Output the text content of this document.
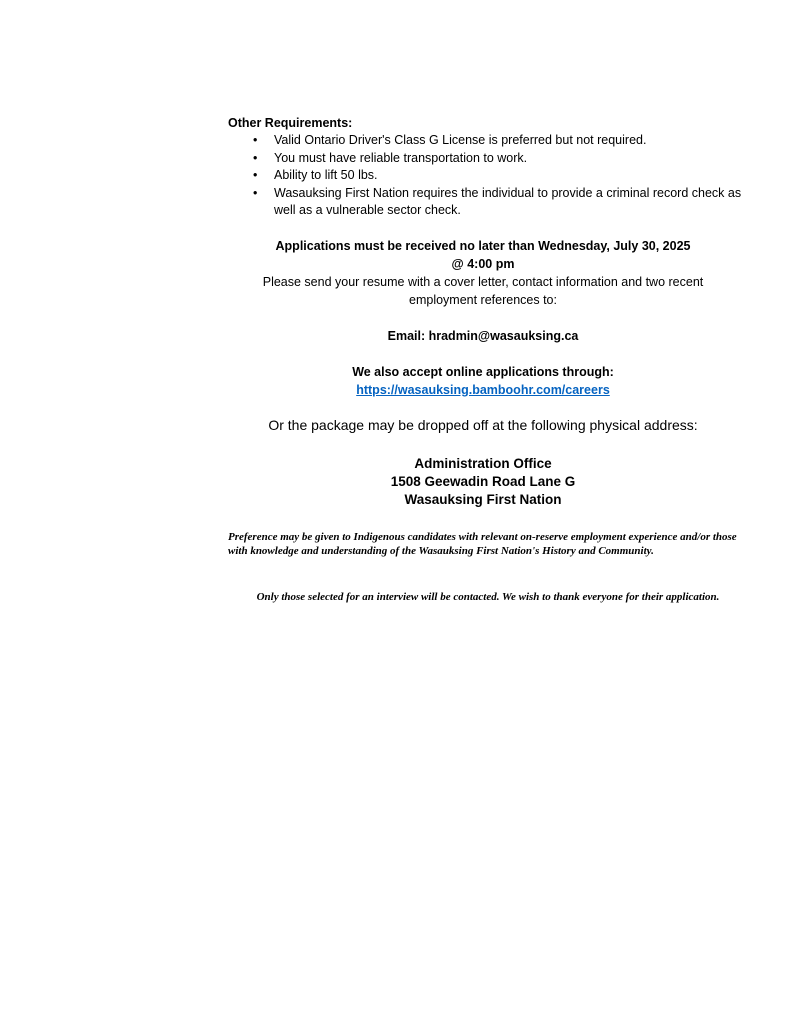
Other Requirements:
• Valid Ontario Driver's Class G License is preferred but not required.
• You must have reliable transportation to work.
• Ability to lift 50 lbs.
• Wasauksing First Nation requires the individual to provide a criminal record check as well as a vulnerable sector check.
Applications must be received no later than Wednesday, July 30, 2025
@ 4:00 pm
Please send your resume with a cover letter, contact information and two recent employment references to:
Email: hradmin@wasauksing.ca
We also accept online applications through:
https://wasauksing.bamboohr.com/careers
Or the package may be dropped off at the following physical address:
Administration Office
1508 Geewadin Road Lane G
Wasauksing First Nation
Preference may be given to Indigenous candidates with relevant on-reserve employment experience and/or those with knowledge and understanding of the Wasauksing First Nation's History and Community.
Only those selected for an interview will be contacted. We wish to thank everyone for their application.
